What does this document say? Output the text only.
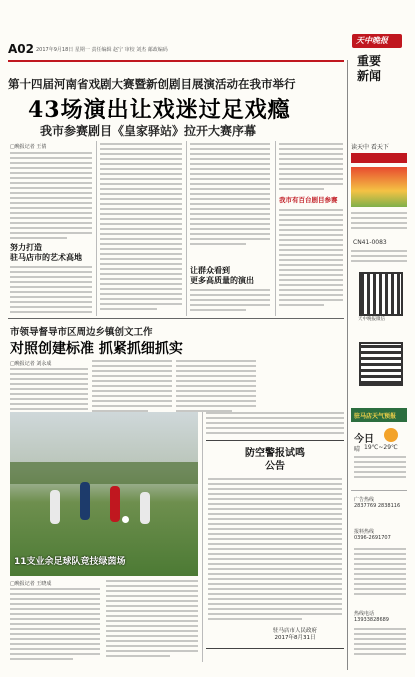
A02 2017年9月18日 星期一 责任编辑 赵宁 审校 刘杰 邮政编码
天中晚报
重要
新闻
第十四届河南省戏剧大赛暨新创剧目展演活动在我市举行
43场演出让戏迷过足戏瘾
我市参赛剧目《皇家驿站》拉开大赛序幕
□晚报记者 王倩
努力打造
驻马店市的艺术高地
让群众看到
更多高质量的演出
我市有百台剧目参赛
读天中 看天下
CN41-0083
天中晚报微信
驻马店天气预报
今日
晴 19℃~29℃
广告热线
2837769 2838116
报料热线
0396-2691707
热线电话
13933828689
市领导督导市区周边乡镇创文工作
对照创建标准 抓紧抓细抓实
□晚报记者 刘永成
11支业余足球队竞技绿茵场
□晚报记者 王晓成
防空警报试鸣
公告
驻马店市人民政府
2017年8月31日
